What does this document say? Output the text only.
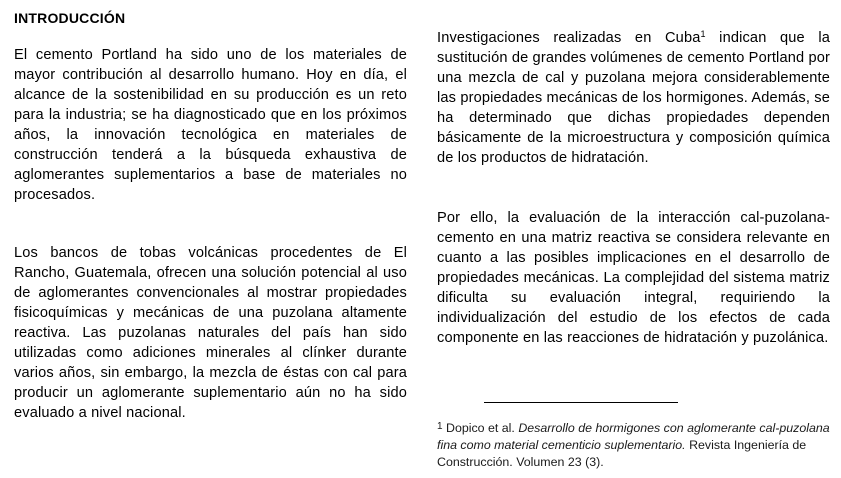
INTRODUCCIÓN

El cemento Portland ha sido uno de los materiales de mayor contribución al desarrollo humano. Hoy en día, el alcance de la sostenibilidad en su producción es un reto para la industria; se ha diagnosticado que en los próximos años, la innovación tecnológica en materiales de construcción tenderá a la búsqueda exhaustiva de aglomerantes suplementarios a base de materiales no procesados.

Los bancos de tobas volcánicas procedentes de El Rancho, Guatemala, ofrecen una solución potencial al uso de aglomerantes convencionales al mostrar propiedades fisicoquímicas y mecánicas de una puzolana altamente reactiva. Las puzolanas naturales del país han sido utilizadas como adiciones minerales al clínker durante varios años, sin embargo, la mezcla de éstas con cal para producir un aglomerante suplementario aún no ha sido evaluado a nivel nacional.

Investigaciones realizadas en Cuba$^1$ indican que la sustitución de grandes volúmenes de cemento Portland por una mezcla de cal y puzolana mejora considerablemente las propiedades mecánicas de los hormigones. Además, se ha determinado que dichas propiedades dependen básicamente de la microestructura y composición química de los productos de hidratación.

Por ello, la evaluación de la interacción cal-puzolana-cemento en una matriz reactiva se considera relevante en cuanto a las posibles implicaciones en el desarrollo de propiedades mecánicas. La complejidad del sistema matriz dificulta su evaluación integral, requiriendo la individualización del estudio de los efectos de cada componente en las reacciones de hidratación y puzolánica.

$^1$ Dopico et al. Desarrollo de hormigones con aglomerante cal-puzolana fina como material cementicio suplementario. Revista Ingeniería de Construcción. Volumen 23 (3).
